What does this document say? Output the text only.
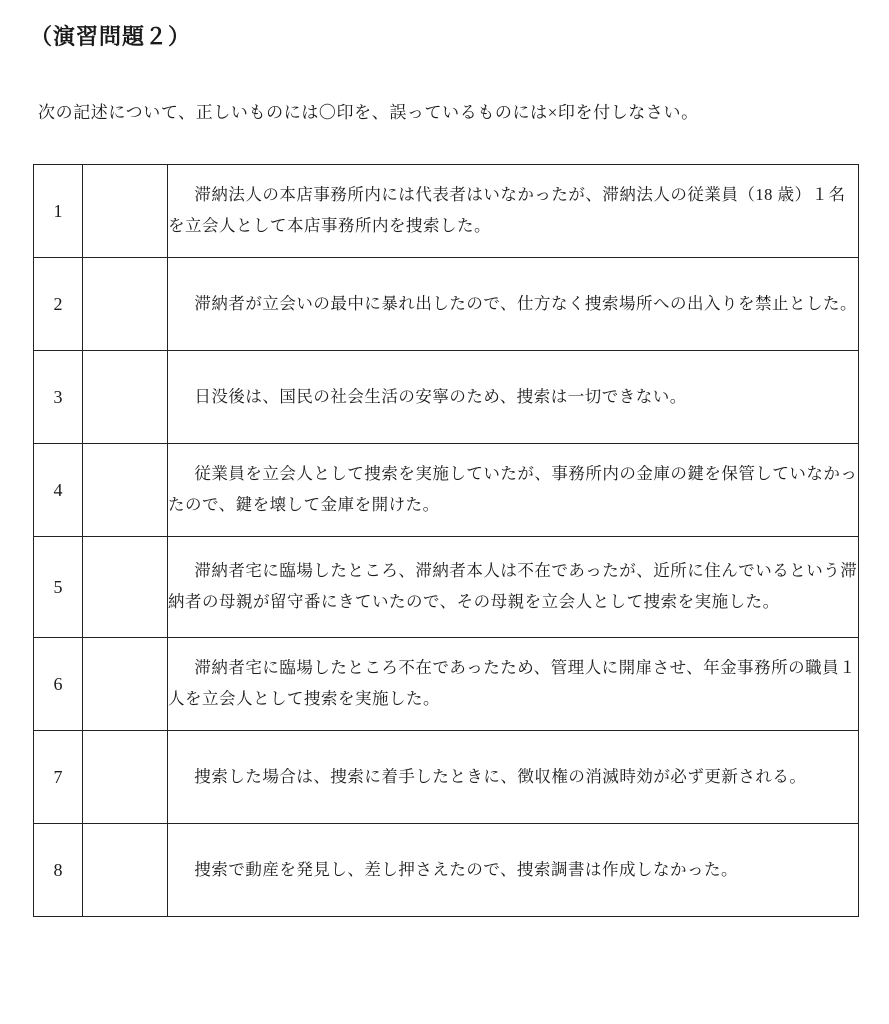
（演習問題２）
次の記述について、正しいものには〇印を、誤っているものには×印を付しなさい。
1		滞納法人の本店事務所内には代表者はいなかったが、滞納法人の従業員（18 歳）１名を立会人として本店事務所内を捜索した。

2		滞納者が立会いの最中に暴れ出したので、仕方なく捜索場所への出入りを禁止とした。

3		日没後は、国民の社会生活の安寧のため、捜索は一切できない。

4		従業員を立会人として捜索を実施していたが、事務所内の金庫の鍵を保管していなかったので、鍵を壊して金庫を開けた。

5		滞納者宅に臨場したところ、滞納者本人は不在であったが、近所に住んでいるという滞納者の母親が留守番にきていたので、その母親を立会人として捜索を実施した。

6		滞納者宅に臨場したところ不在であったため、管理人に開扉させ、年金事務所の職員１人を立会人として捜索を実施した。

7		捜索した場合は、捜索に着手したときに、徴収権の消滅時効が必ず更新される。

8		捜索で動産を発見し、差し押さえたので、捜索調書は作成しなかった。
